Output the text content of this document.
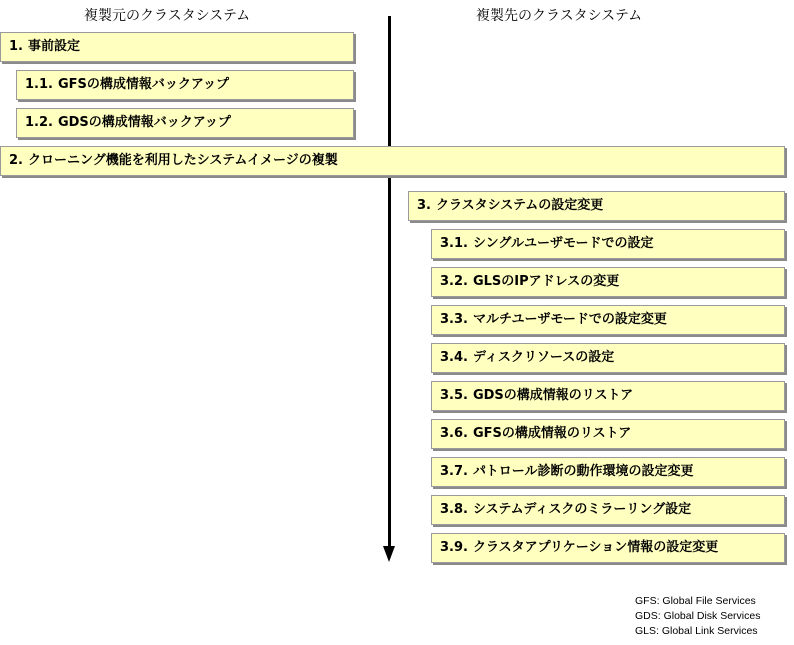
複製元のクラスタシステム	複製先のクラスタシステム
1. 事前設定
1.1. GFSの構成情報バックアップ
1.2. GDSの構成情報バックアップ
2. クローニング機能を利用したシステムイメージの複製
3. クラスタシステムの設定変更
3.1. シングルユーザモードでの設定
3.2. GLSのIPアドレスの変更
3.3. マルチユーザモードでの設定変更
3.4. ディスクリソースの設定
3.5. GDSの構成情報のリストア
3.6. GFSの構成情報のリストア
3.7. パトロール診断の動作環境の設定変更
3.8. システムディスクのミラーリング設定
3.9. クラスタアプリケーション情報の設定変更
GFS: Global File Services
GDS: Global Disk Services
GLS: Global Link Services
